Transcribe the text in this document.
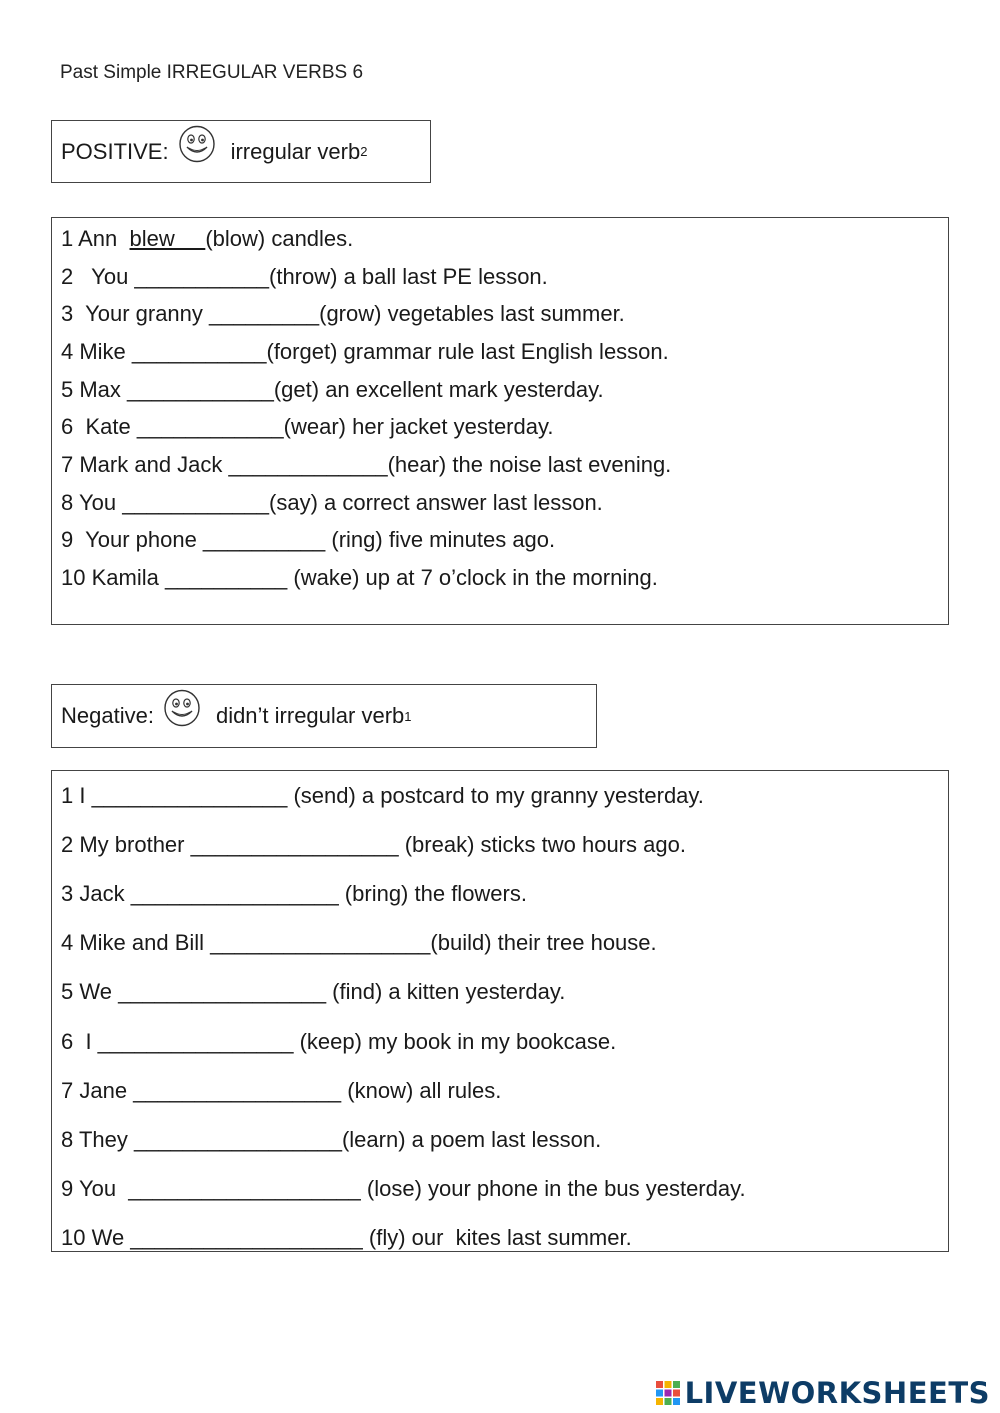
Past Simple IRREGULAR VERBS 6
POSITIVE:	irregular verb 2
1 Ann blew (blow) candles.
2   You ___________(throw) a ball last PE lesson.
3  Your granny _________(grow) vegetables last summer.
4 Mike ___________(forget) grammar rule last English lesson.
5 Max ____________(get) an excellent mark yesterday.
6  Kate ____________(wear) her jacket yesterday.
7 Mark and Jack _____________(hear) the noise last evening.
8 You ____________(say) a correct answer last lesson.
9  Your phone __________ (ring) five minutes ago.
10 Kamila __________ (wake) up at 7 o’clock in the morning.
Negative:	didn’t irregular verb 1
1 I ________________ (send) a postcard to my granny yesterday.
2 My brother _________________ (break) sticks two hours ago.
3 Jack _________________ (bring) the flowers.
4 Mike and Bill __________________(build) their tree house.
5 We _________________ (find) a kitten yesterday.
6  I ________________ (keep) my book in my bookcase.
7 Jane _________________ (know) all rules.
8 They _________________(learn) a poem last lesson.
9 You  ___________________ (lose) your phone in the bus yesterday.
10 We ___________________ (fly) our  kites last summer.
LIVEWORKSHEETS
